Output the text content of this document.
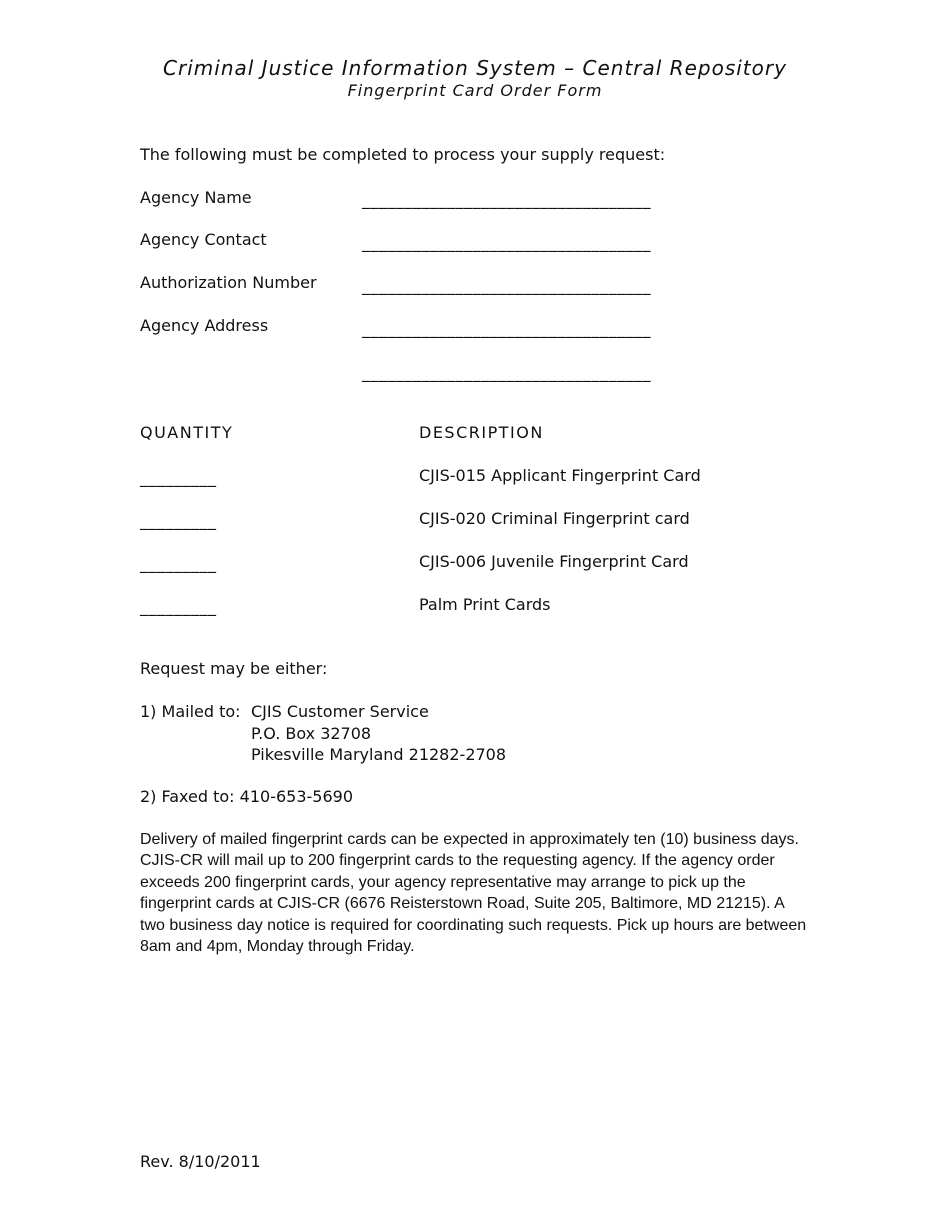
Criminal Justice Information System – Central Repository
Fingerprint Card Order Form
The following must be completed to process your supply request:
Agency Name	__________________________________
Agency Contact	__________________________________
Authorization Number	__________________________________
Agency Address	__________________________________
__________________________________
QUANTITY	DESCRIPTION
_________	CJIS-015 Applicant Fingerprint Card
_________	CJIS-020 Criminal Fingerprint card
_________	CJIS-006 Juvenile Fingerprint Card
_________	Palm Print Cards
Request may be either:
1) Mailed to: CJIS Customer Service
P.O. Box 32708
Pikesville Maryland 21282-2708
2) Faxed to: 410-653-5690
Delivery of mailed fingerprint cards can be expected in approximately ten (10) business days. CJIS-CR will mail up to 200 fingerprint cards to the requesting agency. If the agency order exceeds 200 fingerprint cards, your agency representative may arrange to pick up the fingerprint cards at CJIS-CR (6676 Reisterstown Road, Suite 205, Baltimore, MD 21215). A two business day notice is required for coordinating such requests. Pick up hours are between 8am and 4pm, Monday through Friday.
Rev. 8/10/2011
